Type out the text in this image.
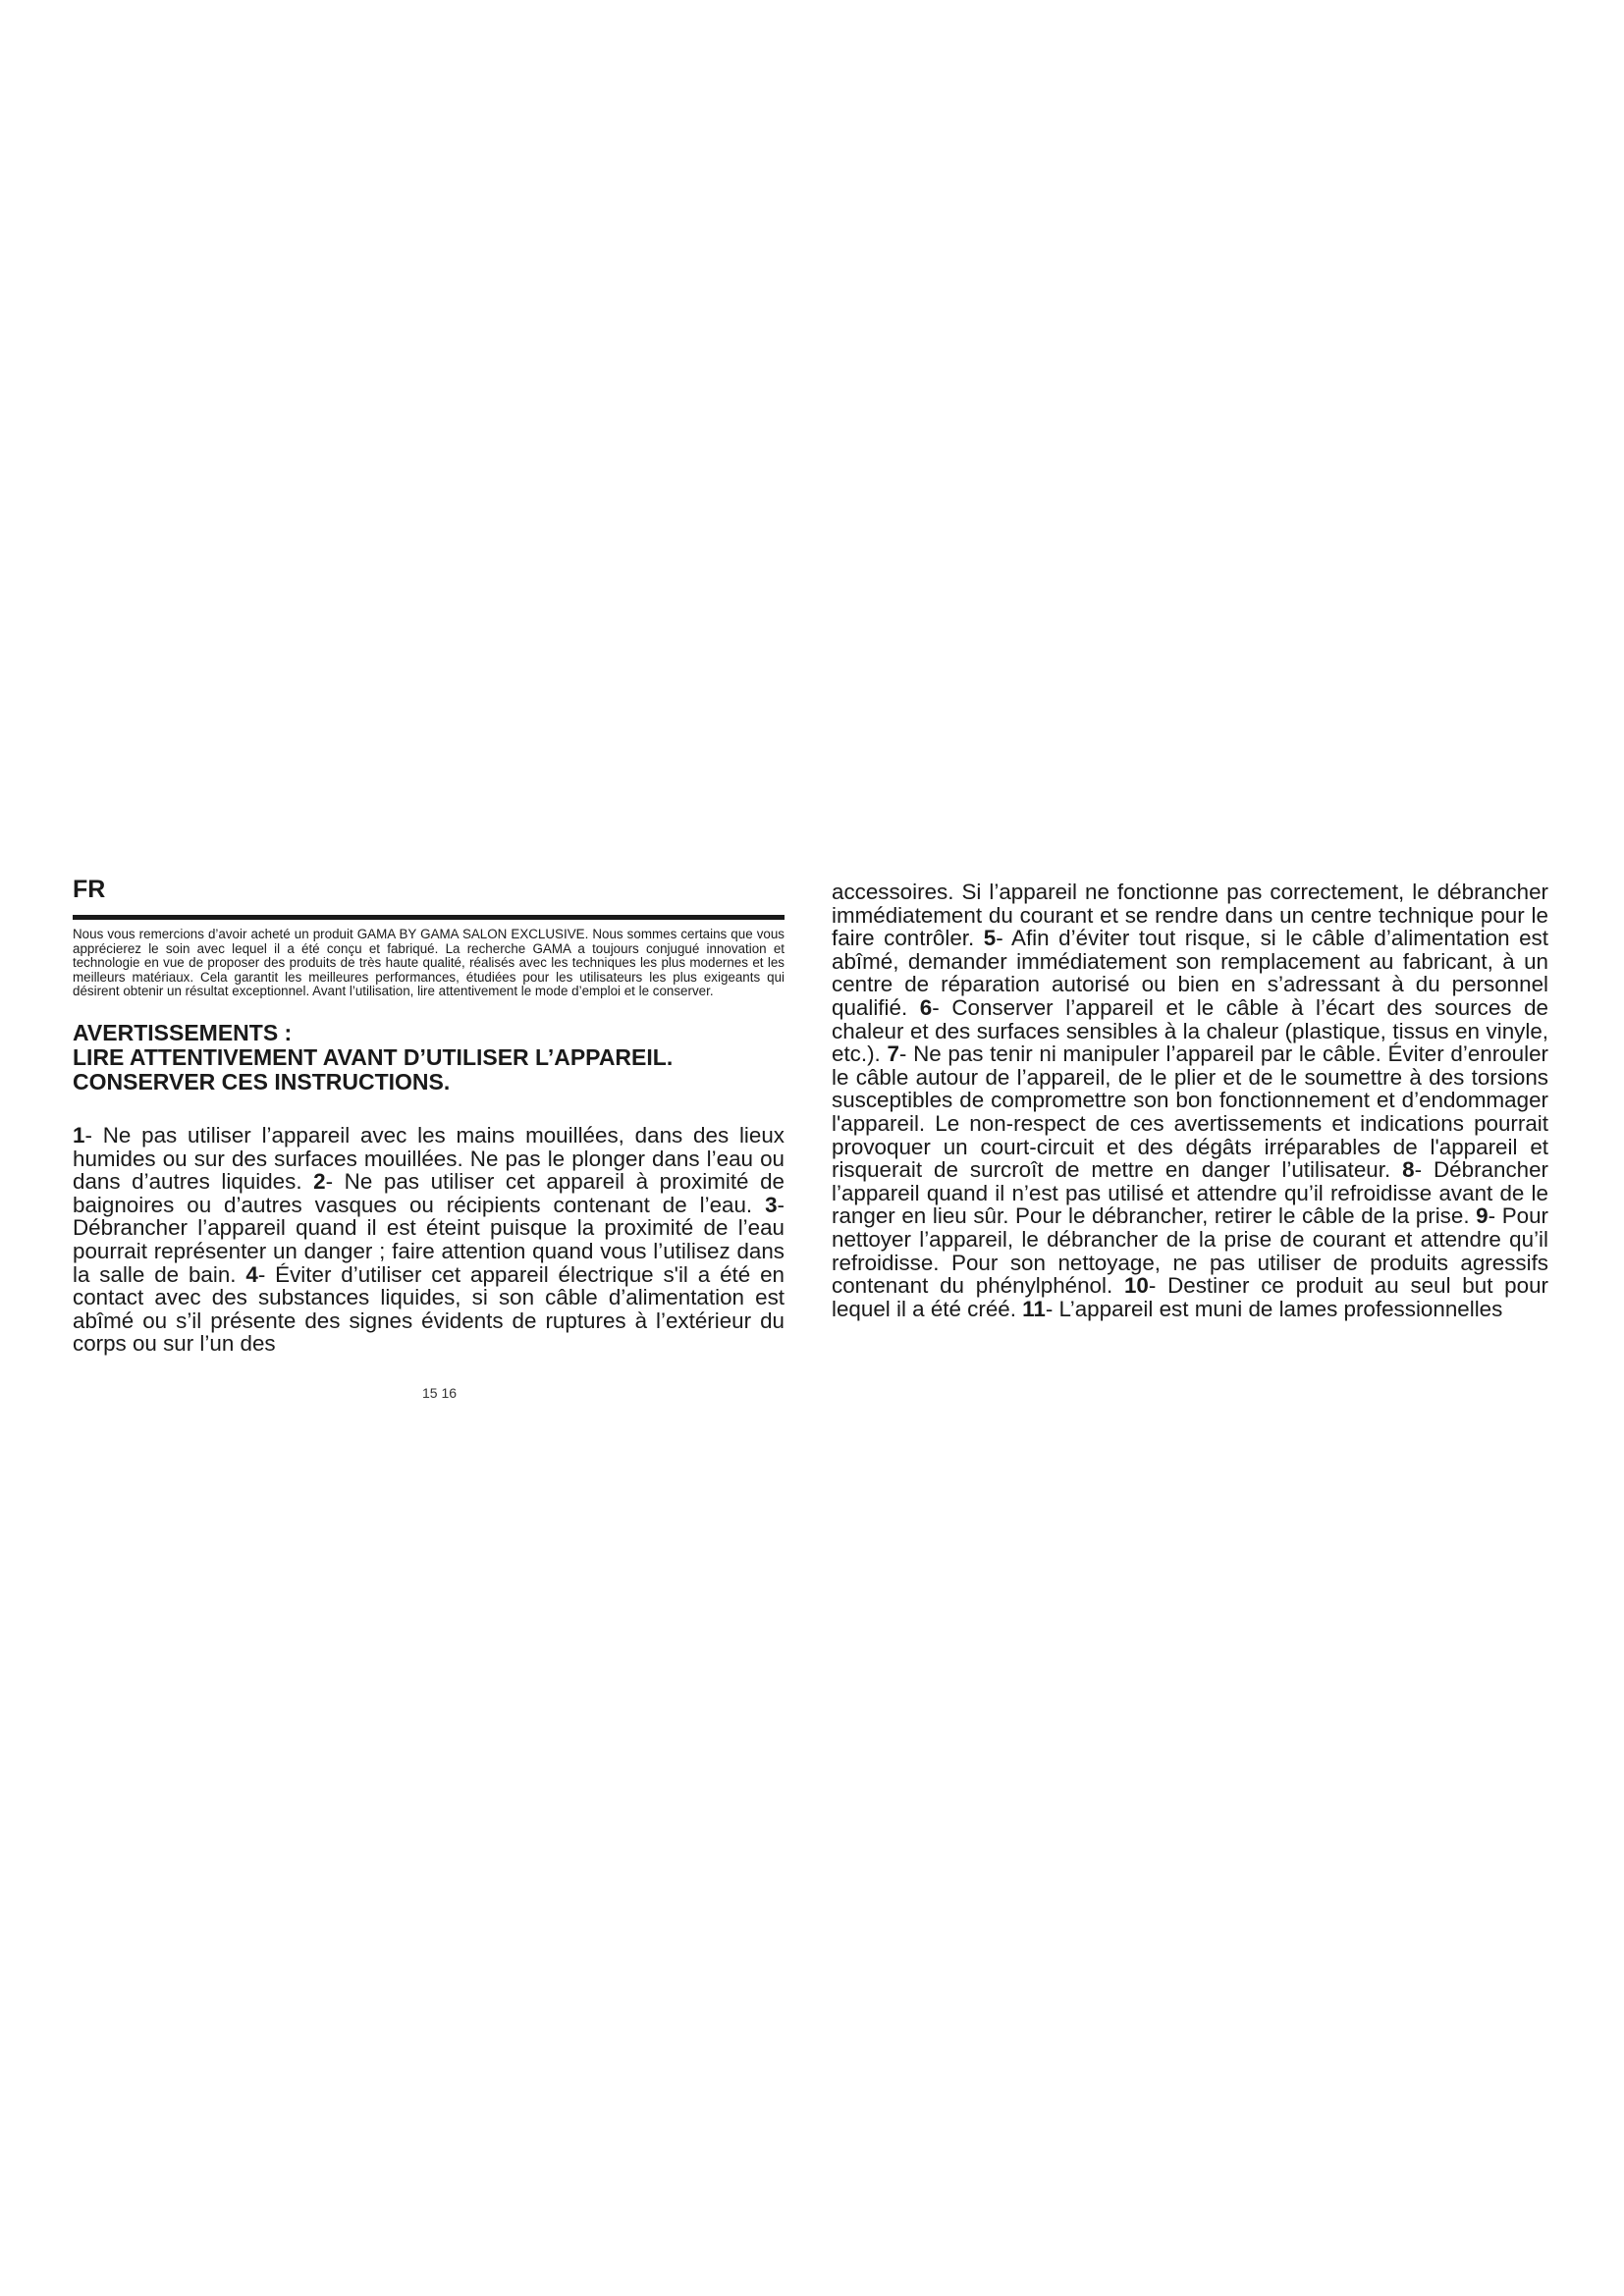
FR

Nous vous remercions d’avoir acheté un produit GAMA BY GAMA SALON EXCLUSIVE. Nous sommes certains que vous apprécierez le soin avec lequel il a été conçu et fabriqué. La recherche GAMA a toujours conjugué innovation et technologie en vue de proposer des produits de très haute qualité, réalisés avec les techniques les plus modernes et les meilleurs matériaux. Cela garantit les meilleures performances, étudiées pour les utilisateurs les plus exigeants qui désirent obtenir un résultat exceptionnel. Avant l’utilisation, lire attentivement le mode d’emploi et le conserver.

AVERTISSEMENTS :
LIRE ATTENTIVEMENT AVANT D’UTILISER L’APPAREIL.
CONSERVER CES INSTRUCTIONS.

1- Ne pas utiliser l’appareil avec les mains mouillées, dans des lieux humides ou sur des surfaces mouillées. Ne pas le plonger dans l’eau ou dans d’autres liquides. 2- Ne pas utiliser cet appareil à proximité de baignoires ou d’autres vasques ou récipients contenant de l’eau. 3- Débrancher l’appareil quand il est éteint puisque la proximité de l’eau pourrait représenter un danger ; faire attention quand vous l’utilisez dans la salle de bain. 4- Éviter d’utiliser cet appareil électrique s'il a été en contact avec des substances liquides, si son câble d’alimentation est abîmé ou s’il présente des signes évidents de ruptures à l’extérieur du corps ou sur l’un des

15 16

accessoires. Si l’appareil ne fonctionne pas correctement, le débrancher immédiatement du courant et se rendre dans un centre technique pour le faire contrôler. 5- Afin d’éviter tout risque, si le câble d’alimentation est abîmé, demander immédiatement son remplacement au fabricant, à un centre de réparation autorisé ou bien en s’adressant à du personnel qualifié. 6- Conserver l’appareil et le câble à l’écart des sources de chaleur et des surfaces sensibles à la chaleur (plastique, tissus en vinyle, etc.). 7- Ne pas tenir ni manipuler l’appareil par le câble. Éviter d’enrouler le câble autour de l’appareil, de le plier et de le soumettre à des torsions susceptibles de compromettre son bon fonctionnement et d’endommager l'appareil. Le non-respect de ces avertissements et indications pourrait provoquer un court-circuit et des dégâts irréparables de l'appareil et risquerait de surcroît de mettre en danger l’utilisateur. 8- Débrancher l’appareil quand il n’est pas utilisé et attendre qu’il refroidisse avant de le ranger en lieu sûr. Pour le débrancher, retirer le câble de la prise. 9- Pour nettoyer l’appareil, le débrancher de la prise de courant et attendre qu’il refroidisse. Pour son nettoyage, ne pas utiliser de produits agressifs contenant du phénylphénol. 10- Destiner ce produit au seul but pour lequel il a été créé. 11- L’appareil est muni de lames professionnelles
